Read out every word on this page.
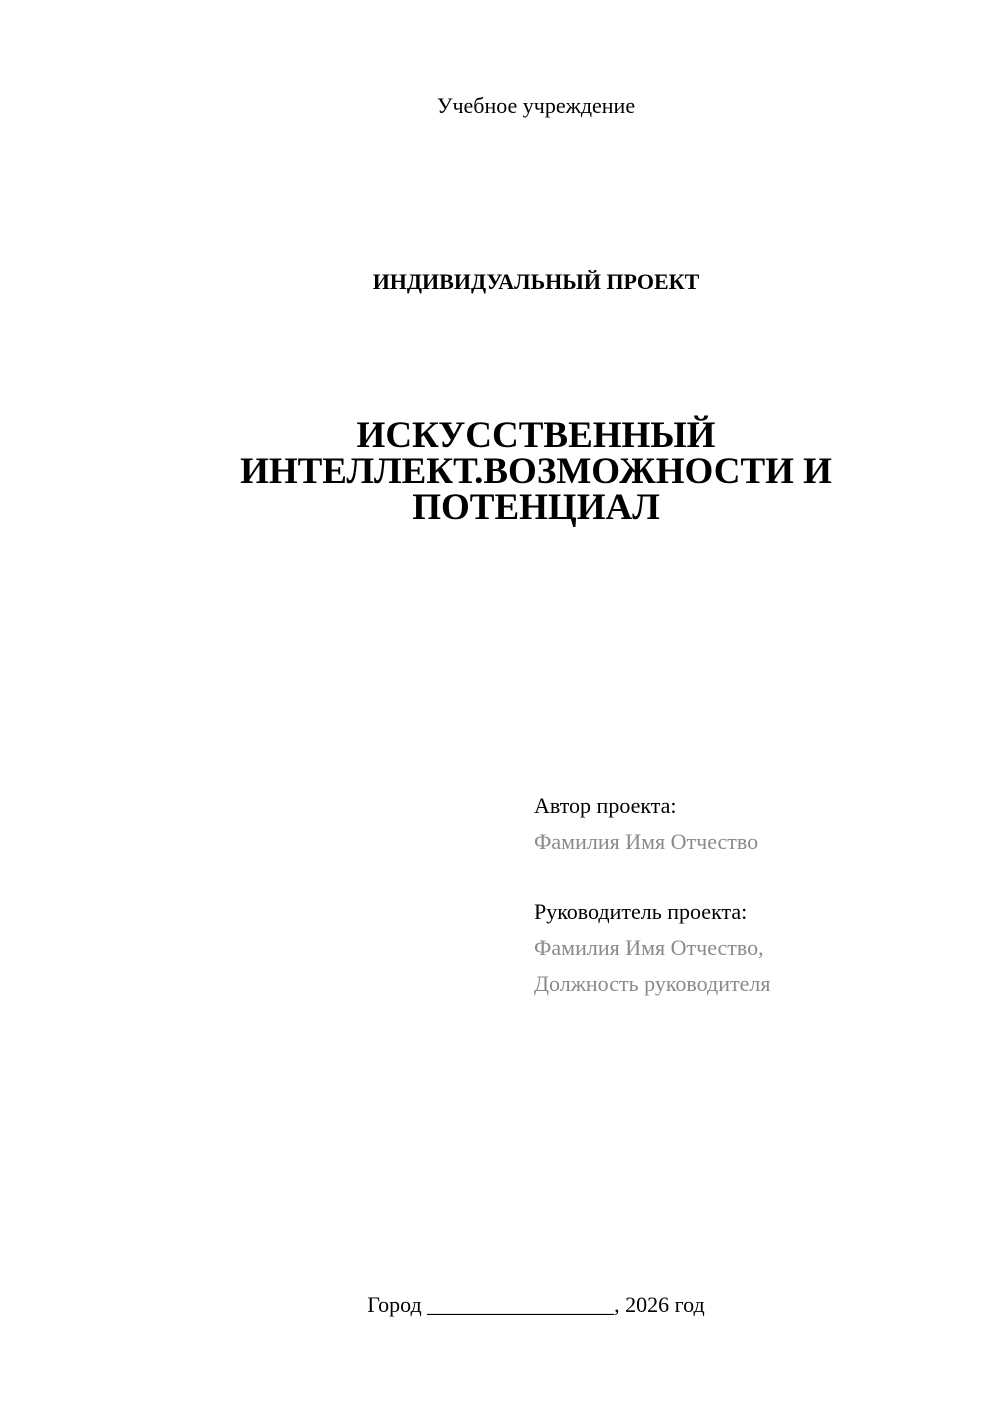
Учебное учреждение
ИНДИВИДУАЛЬНЫЙ ПРОЕКТ
ИСКУССТВЕННЫЙ
ИНТЕЛЛЕКТ.ВОЗМОЖНОСТИ И
ПОТЕНЦИАЛ
Автор проекта:
Фамилия Имя Отчество
Руководитель проекта:
Фамилия Имя Отчество,
Должность руководителя
Город _________________, 2026 год
